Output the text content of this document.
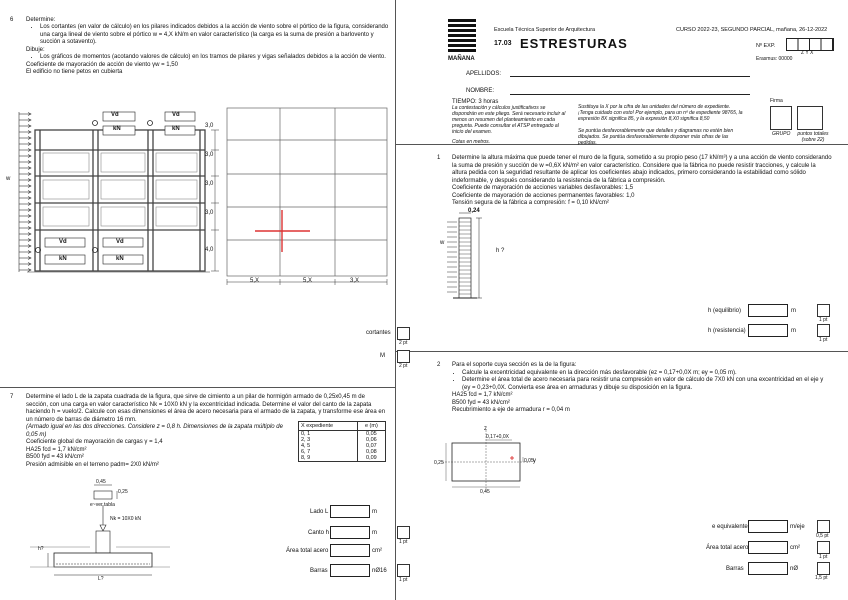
6 Determine:
• Los cortantes (en valor de cálculo) en los pilares indicados debidos a la acción de viento sobre el pórtico de la figura, considerando una carga lineal de viento sobre el pórtico w = 4,X kN/m en valor característico (la carga es la suma de presión a barlovento y succión a sotavento).

Dibuje:

• Los gráficos de momentos (acotando valores de cálculo) en los tramos de pilares y vigas señalados debidos a la acción de viento.

Coeficiente de mayoración de acción de viento γw = 1,50

El edificio no tiene petos en cubierta

w
Vd	Vd
kN	kN
Vd	Vd
kN	kN
3,0
3,0
3,0
3,0
4,0
5,X	5,X	3,X
cortantes
2 pt
M
2 pt
MAÑANA
Escuela Técnica Superior de Arquitectura
17.03 ESTRESTURAS
CURSO 2022-23, SEGUNDO PARCIAL, mañana, 26-12-2022
Nº EXP.
Z Y X
Erasmus: 00000
APELLIDOS:
NOMBRE:
TIEMPO: 3 horas
La contestación y cálculos justificativos se dispondrán en este pliego. Será necesario incluir al menos un resumen del planteamiento en cada pregunta. Puede consultar el ATSP entregado al inicio del examen.
Sustituya la X por la cifra de las unidades del número de expediente. ¡Tenga cuidado con esto! Por ejemplo, para un nº de expediente 98765, la expresión 8X significa 85, y la expresión 8,X0 significa 8,50
Se puntúa desfavorablemente que detalles y diagramas no estén bien dibujados. Se puntúa desfavorablemente disponer más cifras de las pedidas.
Cotas en metros.
Firma
GRUPO	puntos totales (sobre 22)
1 Determine la altura máxima que puede tener el muro de la figura, sometido a su propio peso (17 kN/m³) y a una acción de viento considerando la suma de presión y succión de w =0,6X kN/m² en valor característico. Considere que la fábrica no puede resistir tracciones, y calcule la altura pedida con la seguridad resultante de aplicar los coeficientes abajo indicados, primero considerando la estabilidad como sólido indeformable, y después considerando la resistencia de la fábrica a compresión.

Coeficiente de mayoración de acciones variables desfavorables: 1,5

Coeficiente de mayoración de acciones permanentes favorables: 1,0

Tensión segura de la fábrica a compresión: f = 0,10 kN/cm²

0,24
h ?
w
h (equilibrio)	m
1 pt
h (resistencia)	m
1 pt
2 Para el soporte cuya sección es la de la figura:

• Calcule la excentricidad equivalente en la dirección más desfavorable (ez = 0,17+0,0X m; ey = 0,05 m).
• Determine el área total de acero necesaria para resistir una compresión en valor de cálculo de 7X0 kN con una excentricidad en el eje y (ey = 0,23+0,0X. Convierta ese área en armaduras y dibuje su disposición en la figura.

HA25 fcd = 1,7 kN/cm²

B500 fyd = 43 kN/cm²

Recubrimiento a eje de armadura r = 0,04 m

z
y
0,17+0,0X
0,05
0,25
0,45
e equivalente	m/eje
0,5 pt
Área total acero	cm²
1 pt
Barras	nØ
1,5 pt
7 Determine el lado L de la zapata cuadrada de la figura, que sirve de cimiento a un pilar de hormigón armado de 0,25x0,45 m de sección, con una carga en valor característico Nk = 10X0 kN y la excentricidad indicada. Determine el valor del canto de la zapata haciendo h = vuelo/2. Calcule con esas dimensiones el área de acero necesaria para el armado de la zapata, y transforme ese área en un número de barras de diámetro 16 mm.

(Armado igual en las dos direcciones. Considere z = 0,8 h. Dimensiones de la zapata múltiplo de 0,05 m)

Coeficiente global de mayoración de cargas γ = 1,4

HA25 fcd = 1,7 kN/cm²

B500 fyd = 43 kN/cm²

Presión admisible en el terreno padm= 2X0 kN/m²

X expediente	e (m)
0, 1	0,05
2, 3	0,06
4, 5	0,07
6, 7	0,08
8, 9	0,09
0,45
0,25
e~ver tabla
Nk = 10X0 kN
h?
L?
Lado L	m
Canto h	m
1 pt
Área total acero	cm²
Barras	nØ16
1 pt
